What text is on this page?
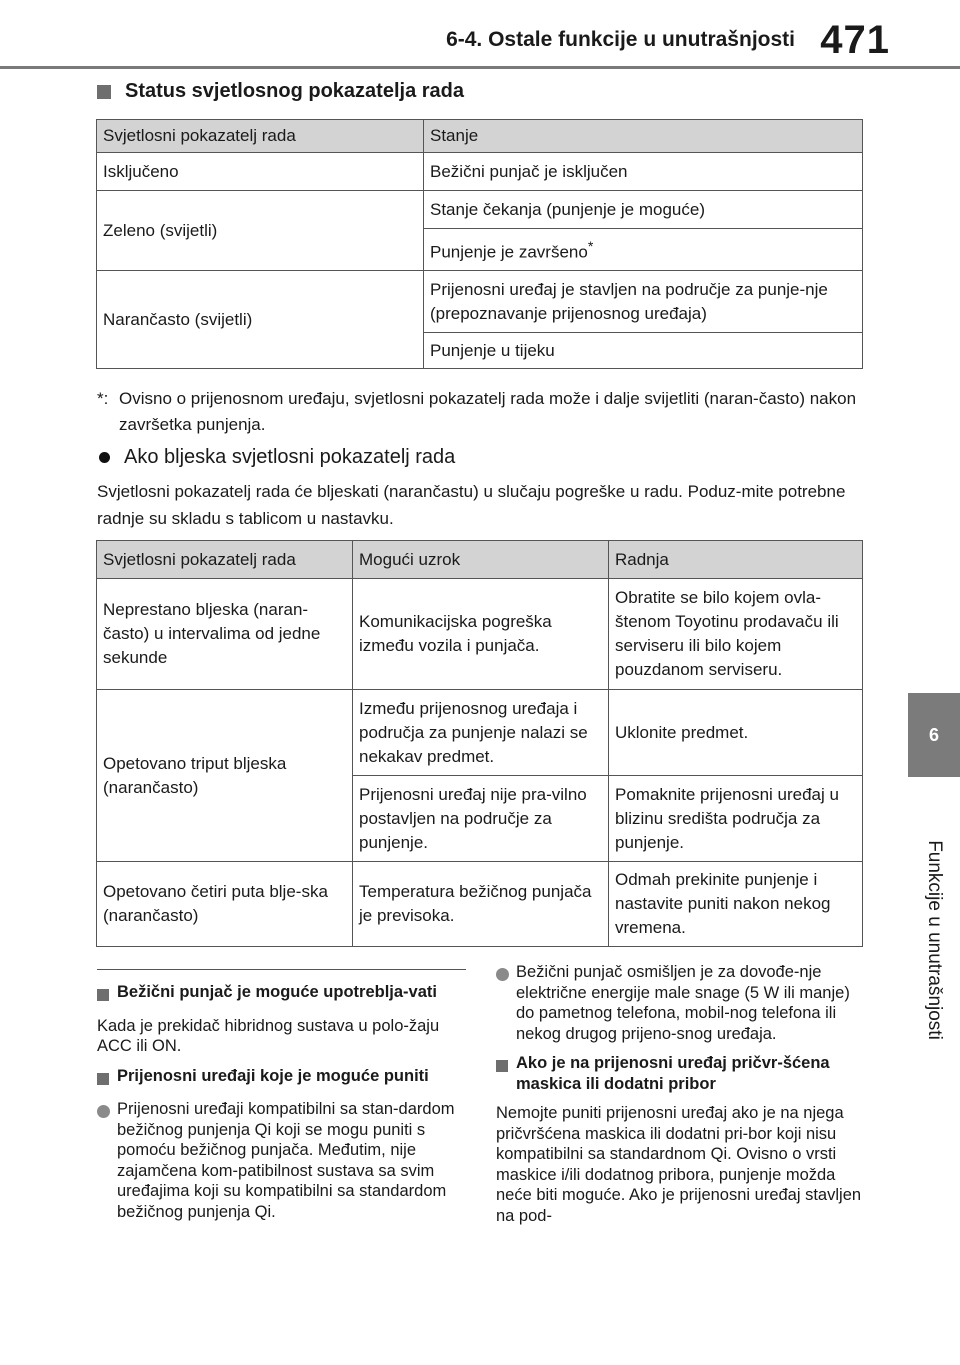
6-4. Ostale funkcije u unutrašnjosti 471
6
Funkcije u unutrašnjosti
Status svjetlosnog pokazatelja rada
Svjetlosni pokazatelj rada	Stanje
Isključeno	Bežični punjač je isključen
Zeleno (svijetli)	Stanje čekanja (punjenje je moguće)
	Punjenje je završeno*
Narančasto (svijetli)	Prijenosni uređaj je stavljen na područje za punje-nje (prepoznavanje prijenosnog uređaja)
	Punjenje u tijeku
*: Ovisno o prijenosnom uređaju, svjetlosni pokazatelj rada može i dalje svijetliti (naran-často) nakon završetka punjenja.
Ako bljeska svjetlosni pokazatelj rada
Svjetlosni pokazatelj rada će bljeskati (narančastu) u slučaju pogreške u radu. Poduz-mite potrebne radnje su skladu s tablicom u nastavku.
Svjetlosni pokazatelj rada	Mogući uzrok	Radnja
Neprestano bljeska (naran-často) u intervalima od jedne sekunde	Komunikacijska pogreška između vozila i punjača.	Obratite se bilo kojem ovla-štenom Toyotinu prodavaču ili serviseru ili bilo kojem pouzdanom serviseru.
Opetovano triput bljeska (narančasto)	Između prijenosnog uređaja i područja za punjenje nalazi se nekakav predmet.	Uklonite predmet.
	Prijenosni uređaj nije pra-vilno postavljen na područje za punjenje.	Pomaknite prijenosni uređaj u blizinu središta područja za punjenje.
Opetovano četiri puta blje-ska (narančasto)	Temperatura bežičnog punjača je previsoka.	Odmah prekinite punjenje i nastavite puniti nakon nekog vremena.
Bežični punjač je moguće upotreblja-vati
Kada je prekidač hibridnog sustava u polo-žaju ACC ili ON.
Prijenosni uređaji koje je moguće puniti
Prijenosni uređaji kompatibilni sa stan-dardom bežičnog punjenja Qi koji se mogu puniti s pomoću bežičnog punjača. Međutim, nije zajamčena kom-patibilnost sustava sa svim uređajima koji su kompatibilni sa standardom bežičnog punjenja Qi.
Bežični punjač osmišljen je za dovođe-nje električne energije male snage (5 W ili manje) do pametnog telefona, mobil-nog telefona ili nekog drugog prijeno-snog uređaja.
Ako je na prijenosni uređaj pričvr-šćena maskica ili dodatni pribor
Nemojte puniti prijenosni uređaj ako je na njega pričvršćena maskica ili dodatni pri-bor koji nisu kompatibilni sa standardnom Qi. Ovisno o vrsti maskice i/ili dodatnog pribora, punjenje možda neće biti moguće. Ako je prijenosni uređaj stavljen na pod-
